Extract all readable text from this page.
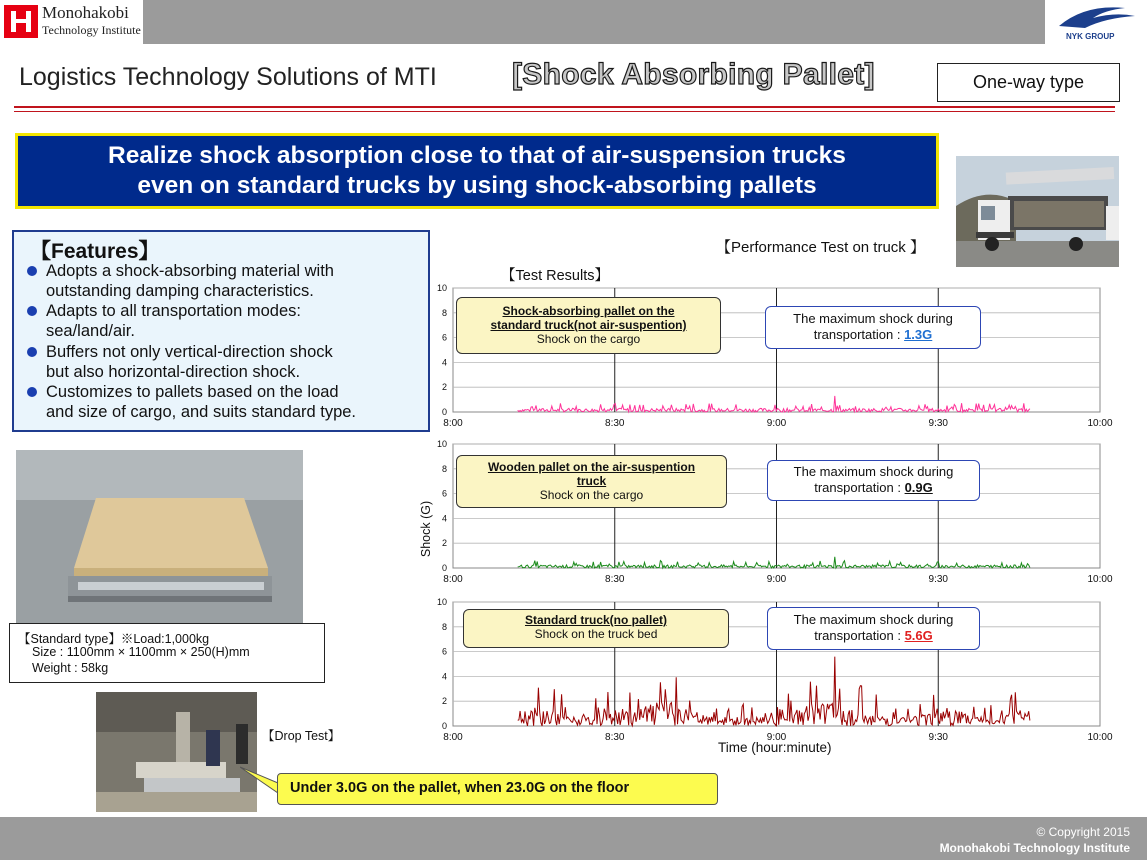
Monohakobi
Technology Institute	NYK GROUP
Logistics Technology Solutions of MTI	[Shock Absorbing Pallet]	One-way type
Realize shock absorption close to that of air-suspension trucks
even on standard trucks by using shock-absorbing pallets
【Performance Test on truck 】
【Features】
Adopts a shock-absorbing material with
outstanding damping characteristics.
Adapts to all transportation modes:
sea/land/air.
Buffers not only vertical-direction shock
but also horizontal-direction shock.
Customizes to pallets based on the load
and size of cargo, and suits standard type.
【Standard type】※Load:1,000kg
Size : 1100mm × 1100mm × 250(H)mm
Weight : 58kg
【Drop Test】
Under 3.0G on the pallet, when 23.0G on the floor
【Test Results】
0
2
4
6
8
10
8:00	8:30	9:00	9:30	10:00
0
2
4
6
8
10
8:00	8:30	9:00	9:30	10:00
0
2
4
6
8
10
8:00	8:30	9:00	9:30	10:00
Shock-absorbing pallet on the
standard truck(not air-suspention)
Shock on the cargo
The maximum shock during
transportation : 1.3G
Wooden pallet on the air-suspention
truck
Shock on the cargo
The maximum shock during
transportation : 0.9G
Standard truck(no pallet)
Shock on the truck bed
The maximum shock during
transportation : 5.6G
Shock (G)
Time (hour:minute)
© Copyright 2015
Monohakobi Technology Institute
